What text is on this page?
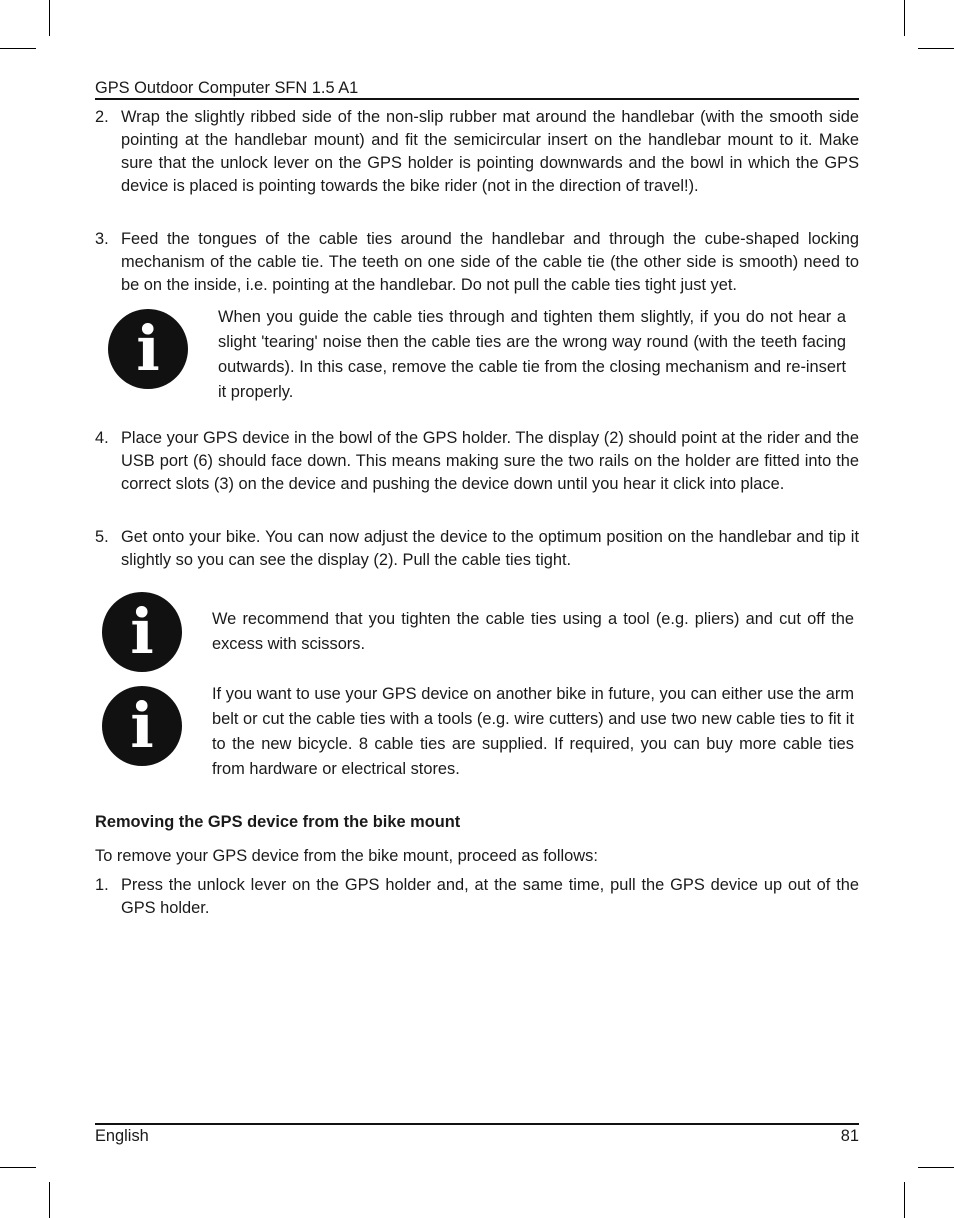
GPS Outdoor Computer SFN 1.5 A1
2. Wrap the slightly ribbed side of the non-slip rubber mat around the handlebar (with the smooth side pointing at the handlebar mount) and fit the semicircular insert on the handlebar mount to it. Make sure that the unlock lever on the GPS holder is pointing downwards and the bowl in which the GPS device is placed is pointing towards the bike rider (not in the direction of travel!).
3. Feed the tongues of the cable ties around the handlebar and through the cube-shaped locking mechanism of the cable tie. The teeth on one side of the cable tie (the other side is smooth) need to be on the inside, i.e. pointing at the handlebar. Do not pull the cable ties tight just yet.
i	When you guide the cable ties through and tighten them slightly, if you do not hear a slight 'tearing' noise then the cable ties are the wrong way round (with the teeth facing outwards). In this case, remove the cable tie from the closing mechanism and re-insert it properly.
4. Place your GPS device in the bowl of the GPS holder. The display (2) should point at the rider and the USB port (6) should face down. This means making sure the two rails on the holder are fitted into the correct slots (3) on the device and pushing the device down until you hear it click into place.
5. Get onto your bike. You can now adjust the device to the optimum position on the handlebar and tip it slightly so you can see the display (2). Pull the cable ties tight.
i	We recommend that you tighten the cable ties using a tool (e.g. pliers) and cut off the excess with scissors.
i	If you want to use your GPS device on another bike in future, you can either use the arm belt or cut the cable ties with a tools (e.g. wire cutters) and use two new cable ties to fit it to the new bicycle. 8 cable ties are supplied. If required, you can buy more cable ties from hardware or electrical stores.
Removing the GPS device from the bike mount
To remove your GPS device from the bike mount, proceed as follows:
1. Press the unlock lever on the GPS holder and, at the same time, pull the GPS device up out of the GPS holder.
English	81
